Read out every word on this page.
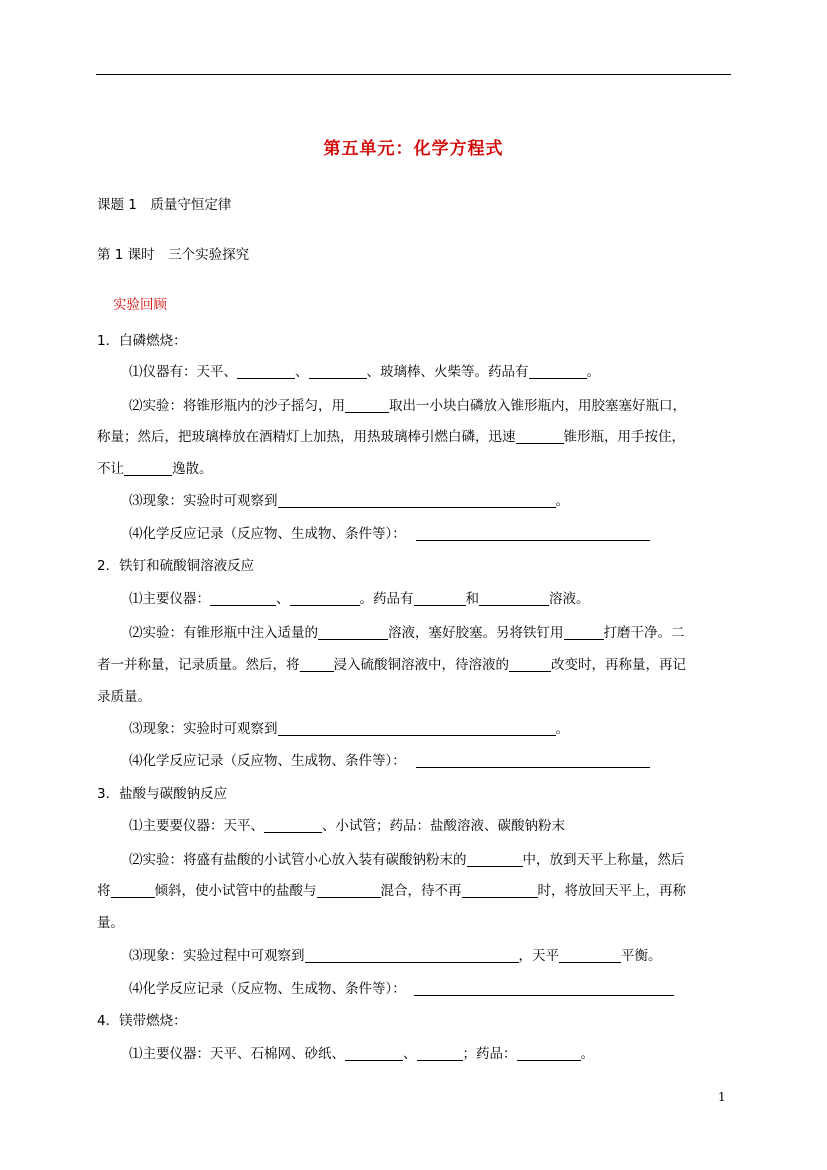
第五单元：化学方程式
课题 1　质量守恒定律
第 1 课时　三个实验探究
实验回顾
1．白磷燃烧：
⑴仪器有：天平、	、	、玻璃棒、火柴等。药品有	。
⑵实验：将锥形瓶内的沙子摇匀，用	取出一小块白磷放入锥形瓶内，用胶塞塞好瓶口，
称量；然后，把玻璃棒放在酒精灯上加热，用热玻璃棒引燃白磷，迅速	锥形瓶，用手按住，
不让	逸散。
⑶现象：实验时可观察到	。
⑷化学反应记录（反应物、生成物、条件等）：
2．铁钉和硫酸铜溶液反应
⑴主要仪器：	、	。药品有	和	溶液。
⑵实验：有锥形瓶中注入适量的	溶液，塞好胶塞。另将铁钉用	打磨干净。二
者一并称量，记录质量。然后，将	浸入硫酸铜溶液中，待溶液的	改变时，再称量，再记
录质量。
⑶现象：实验时可观察到	。
⑷化学反应记录（反应物、生成物、条件等）：
3．盐酸与碳酸钠反应
⑴主要要仪器：天平、	、小试管；药品：盐酸溶液、碳酸钠粉末
⑵实验：将盛有盐酸的小试管小心放入装有碳酸钠粉末的	中，放到天平上称量，然后
将	倾斜，使小试管中的盐酸与	混合，待不再	时，将放回天平上，再称
量。
⑶现象：实验过程中可观察到	，天平	平衡。
⑷化学反应记录（反应物、生成物、条件等）：
4．镁带燃烧：
⑴主要仪器：天平、石棉网、砂纸、	、	；药品：	。
1
